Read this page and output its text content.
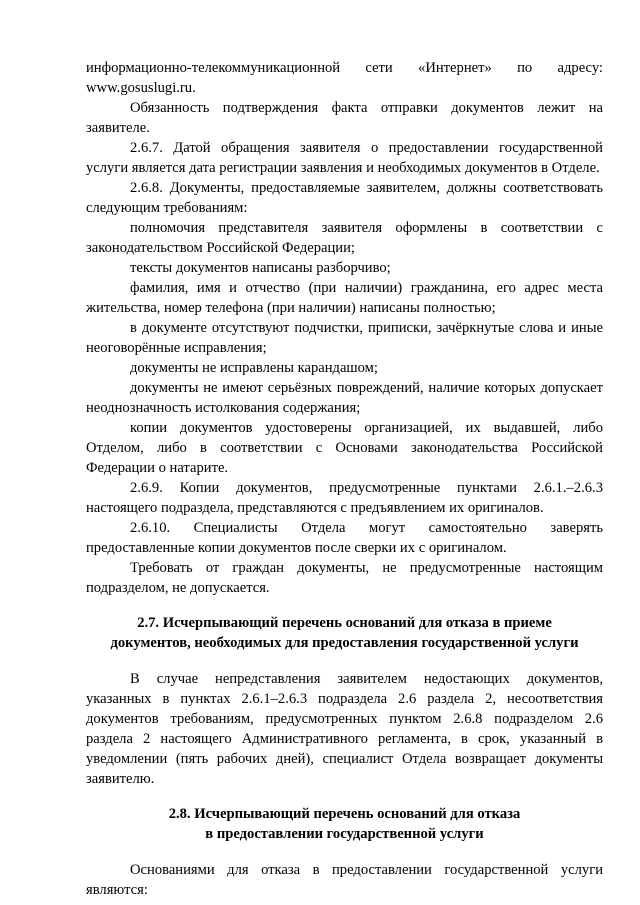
информационно-телекоммуникационной сети «Интернет» по адресу: www.gosuslugi.ru.

Обязанность подтверждения факта отправки документов лежит на заявителе.

2.6.7. Датой обращения заявителя о предоставлении государственной услуги является дата регистрации заявления и необходимых документов в Отделе.

2.6.8. Документы, предоставляемые заявителем, должны соответствовать следующим требованиям:

полномочия представителя заявителя оформлены в соответствии с законодательством Российской Федерации;

тексты документов написаны разборчиво;

фамилия, имя и отчество (при наличии) гражданина, его адрес места жительства, номер телефона (при наличии) написаны полностью;

в документе отсутствуют подчистки, приписки, зачёркнутые слова и иные неоговорённые исправления;

документы не исправлены карандашом;

документы не имеют серьёзных повреждений, наличие которых допускает неоднозначность истолкования содержания;

копии документов удостоверены организацией, их выдавшей, либо Отделом, либо в соответствии с Основами законодательства Российской Федерации о натарите.

2.6.9. Копии документов, предусмотренные пунктами 2.6.1.–2.6.3 настоящего подраздела, представляются с предъявлением их оригиналов.

2.6.10. Специалисты Отдела могут самостоятельно заверять предоставленные копии документов после сверки их с оригиналом.

Требовать от граждан документы, не предусмотренные настоящим подразделом, не допускается.

2.7. Исчерпывающий перечень оснований для отказа в приеме
документов, необходимых для предоставления государственной услуги

В случае непредставления заявителем недостающих документов, указанных в пунктах 2.6.1–2.6.3 подраздела 2.6 раздела 2, несоответствия документов требованиям, предусмотренных пунктом 2.6.8 подразделом 2.6 раздела 2 настоящего Административного регламента, в срок, указанный в уведомлении (пять рабочих дней), специалист Отдела возвращает документы заявителю.

2.8. Исчерпывающий перечень оснований для отказа
в предоставлении государственной услуги

Основаниями для отказа в предоставлении государственной услуги являются:
